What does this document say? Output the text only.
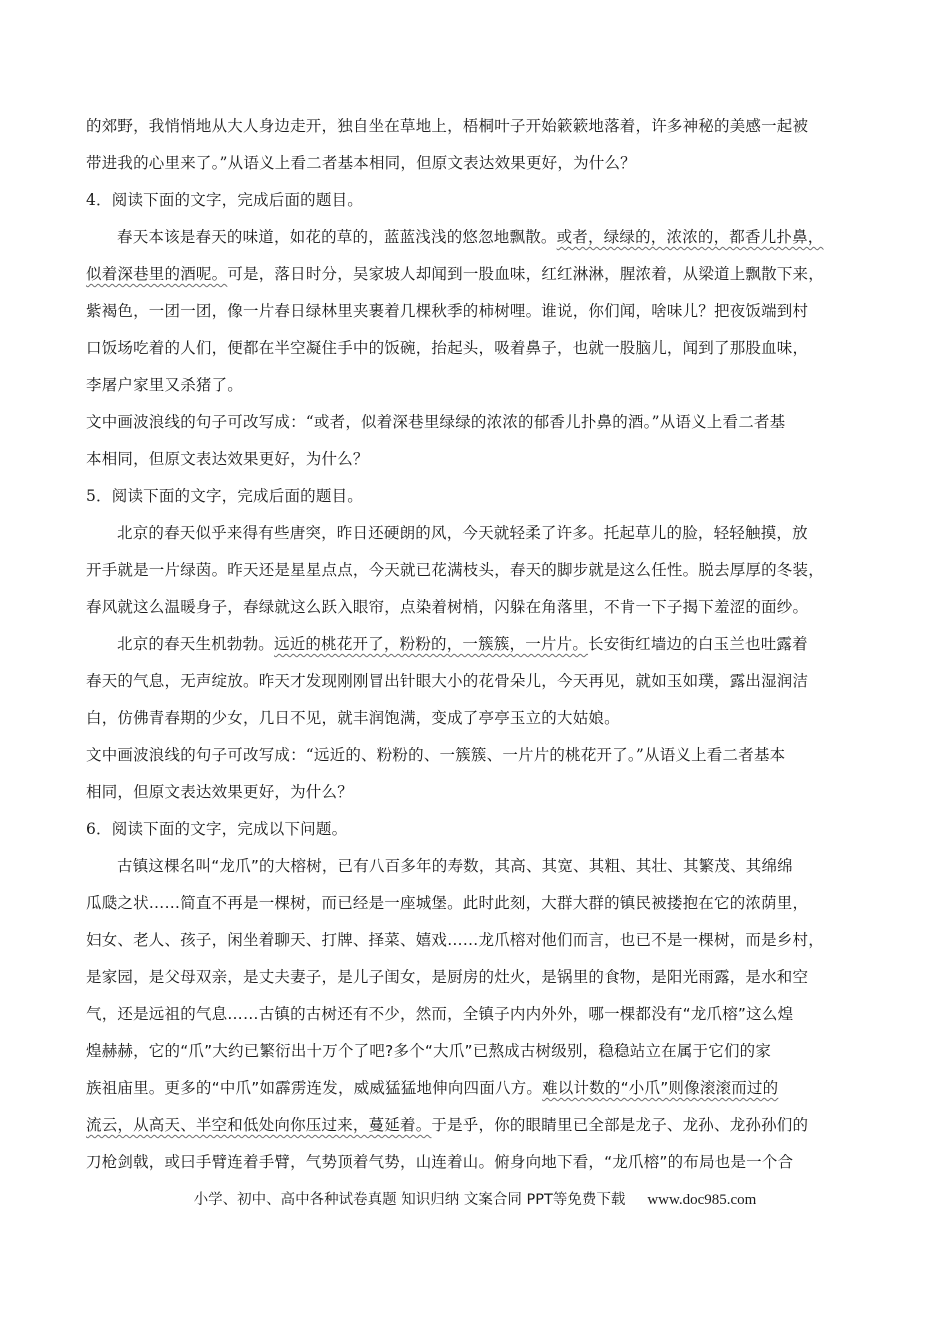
的郊野，我悄悄地从大人身边走开，独自坐在草地上，梧桐叶子开始簌簌地落着，许多神秘的美感一起被
带进我的心里来了。”从语义上看二者基本相同，但原文表达效果更好，为什么？
4．阅读下面的文字，完成后面的题目。
春天本该是春天的味道，如花的草的，蓝蓝浅浅的悠忽地飘散。或者，绿绿的，浓浓的，都香儿扑鼻，
似着深巷里的酒呢。可是，落日时分，吴家坡人却闻到一股血味，红红淋淋，腥浓着，从梁道上飘散下来，
紫褐色，一团一团，像一片春日绿林里夹裹着几棵秋季的柿树哩。谁说，你们闻，啥味儿？把夜饭端到村
口饭场吃着的人们，便都在半空凝住手中的饭碗，抬起头，吸着鼻子，也就一股脑儿，闻到了那股血味，
李屠户家里又杀猪了。
文中画波浪线的句子可改写成：“或者，似着深巷里绿绿的浓浓的郁香儿扑鼻的酒。”从语义上看二者基
本相同，但原文表达效果更好，为什么？
5．阅读下面的文字，完成后面的题目。
北京的春天似乎来得有些唐突，昨日还硬朗的风，今天就轻柔了许多。托起草儿的脸，轻轻触摸，放
开手就是一片绿茵。昨天还是星星点点，今天就已花满枝头，春天的脚步就是这么任性。脱去厚厚的冬装，
春风就这么温暖身子，春绿就这么跃入眼帘，点染着树梢，闪躲在角落里，不肯一下子揭下羞涩的面纱。
北京的春天生机勃勃。远近的桃花开了，粉粉的，一簇簇，一片片。长安街红墙边的白玉兰也吐露着
春天的气息，无声绽放。昨天才发现刚刚冒出针眼大小的花骨朵儿，今天再见，就如玉如璞，露出湿润洁
白，仿佛青春期的少女，几日不见，就丰润饱满，变成了亭亭玉立的大姑娘。
文中画波浪线的句子可改写成：“远近的、粉粉的、一簇簇、一片片的桃花开了。”从语义上看二者基本
相同，但原文表达效果更好，为什么？
6．阅读下面的文字，完成以下问题。
古镇这棵名叫“龙爪”的大榕树，已有八百多年的寿数，其高、其宽、其粗、其壮、其繁茂、其绵绵
瓜瓞之状……简直不再是一棵树，而已经是一座城堡。此时此刻，大群大群的镇民被搂抱在它的浓荫里，
妇女、老人、孩子，闲坐着聊天、打牌、择菜、嬉戏……龙爪榕对他们而言，也已不是一棵树，而是乡村，
是家园，是父母双亲，是丈夫妻子，是儿子闺女，是厨房的灶火，是锅里的食物，是阳光雨露，是水和空
气，还是远祖的气息……古镇的古树还有不少，然而，全镇子内内外外，哪一棵都没有“龙爪榕”这么煌
煌赫赫，它的“爪”大约已繁衍出十万个了吧?多个“大爪”已熬成古树级别，稳稳站立在属于它们的家
族祖庙里。更多的“中爪”如霹雳连发，威威猛猛地伸向四面八方。难以计数的“小爪”则像滚滚而过的
流云，从高天、半空和低处向你压过来，蔓延着。于是乎，你的眼睛里已全部是龙子、龙孙、龙孙孙们的
刀枪剑戟，或曰手臂连着手臂，气势顶着气势，山连着山。俯身向地下看，“龙爪榕”的布局也是一个合
小学、初中、高中各种试卷真题 知识归纳 文案合同 PPT等免费下载 www.doc985.com
